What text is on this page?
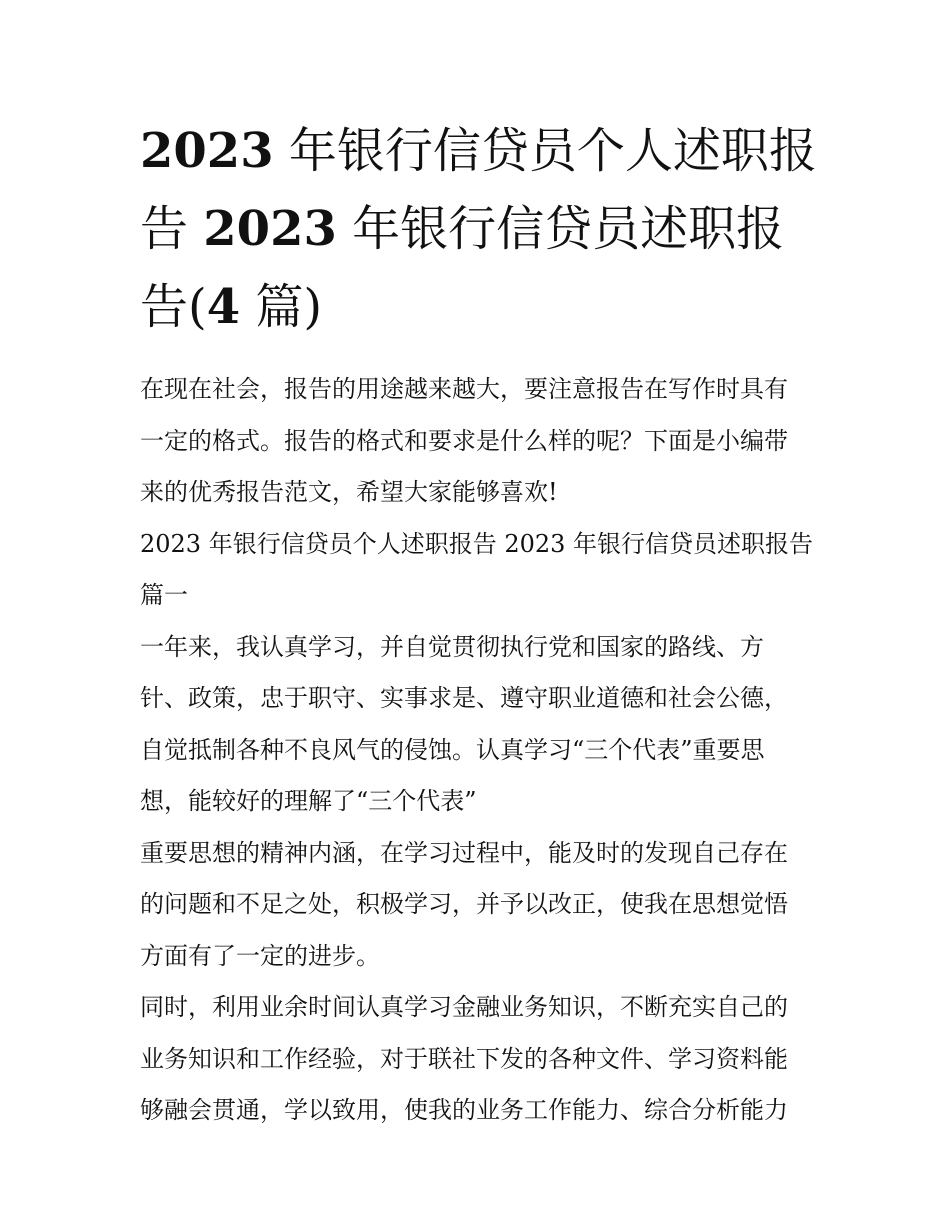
2023 年银行信贷员个人述职报
告 2023 年银行信贷员述职报
告(4 篇)

在现在社会，报告的用途越来越大，要注意报告在写作时具有
一定的格式。报告的格式和要求是什么样的呢？下面是小编带
来的优秀报告范文，希望大家能够喜欢!

2023 年银行信贷员个人述职报告 2023 年银行信贷员述职报告
篇一

一年来，我认真学习，并自觉贯彻执行党和国家的路线、方
针、政策，忠于职守、实事求是、遵守职业道德和社会公德，
自觉抵制各种不良风气的侵蚀。认真学习“三个代表”重要思
想，能较好的理解了“三个代表”

重要思想的精神内涵，在学习过程中，能及时的发现自己存在
的问题和不足之处，积极学习，并予以改正，使我在思想觉悟
方面有了一定的进步。

同时，利用业余时间认真学习金融业务知识，不断充实自己的
业务知识和工作经验，对于联社下发的各种文件、学习资料能
够融会贯通，学以致用，使我的业务工作能力、综合分析能力
